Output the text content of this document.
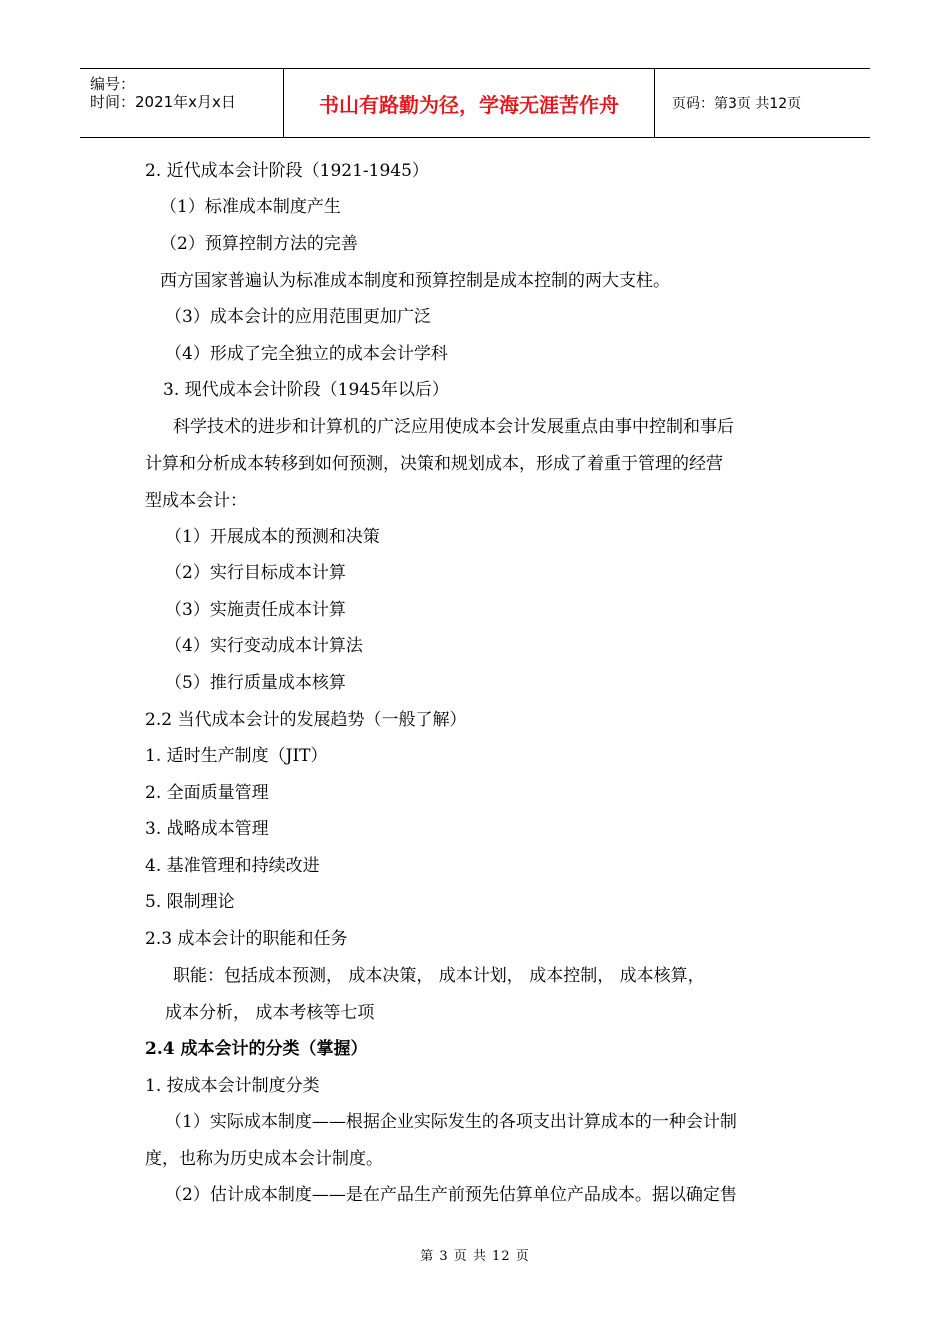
编号：
时间：2021年x月x日	书山有路勤为径，学海无涯苦作舟	页码：第3页 共12页
2. 近代成本会计阶段（1921-1945）
（1）标准成本制度产生
（2）预算控制方法的完善
西方国家普遍认为标准成本制度和预算控制是成本控制的两大支柱。
（3）成本会计的应用范围更加广泛
（4）形成了完全独立的成本会计学科
3. 现代成本会计阶段（1945年以后）
科学技术的进步和计算机的广泛应用使成本会计发展重点由事中控制和事后
计算和分析成本转移到如何预测，决策和规划成本，形成了着重于管理的经营
型成本会计：
（1）开展成本的预测和决策
（2）实行目标成本计算
（3）实施责任成本计算
（4）实行变动成本计算法
（5）推行质量成本核算
2.2 当代成本会计的发展趋势（一般了解）
1. 适时生产制度（JIT）
2. 全面质量管理
3. 战略成本管理
4. 基准管理和持续改进
5. 限制理论
2.3 成本会计的职能和任务
职能：包括成本预测， 成本决策， 成本计划， 成本控制， 成本核算，
成本分析， 成本考核等七项
2.4 成本会计的分类（掌握）
1. 按成本会计制度分类
（1）实际成本制度——根据企业实际发生的各项支出计算成本的一种会计制
度，也称为历史成本会计制度。
（2）估计成本制度——是在产品生产前预先估算单位产品成本。据以确定售
第 3 页 共 12 页
